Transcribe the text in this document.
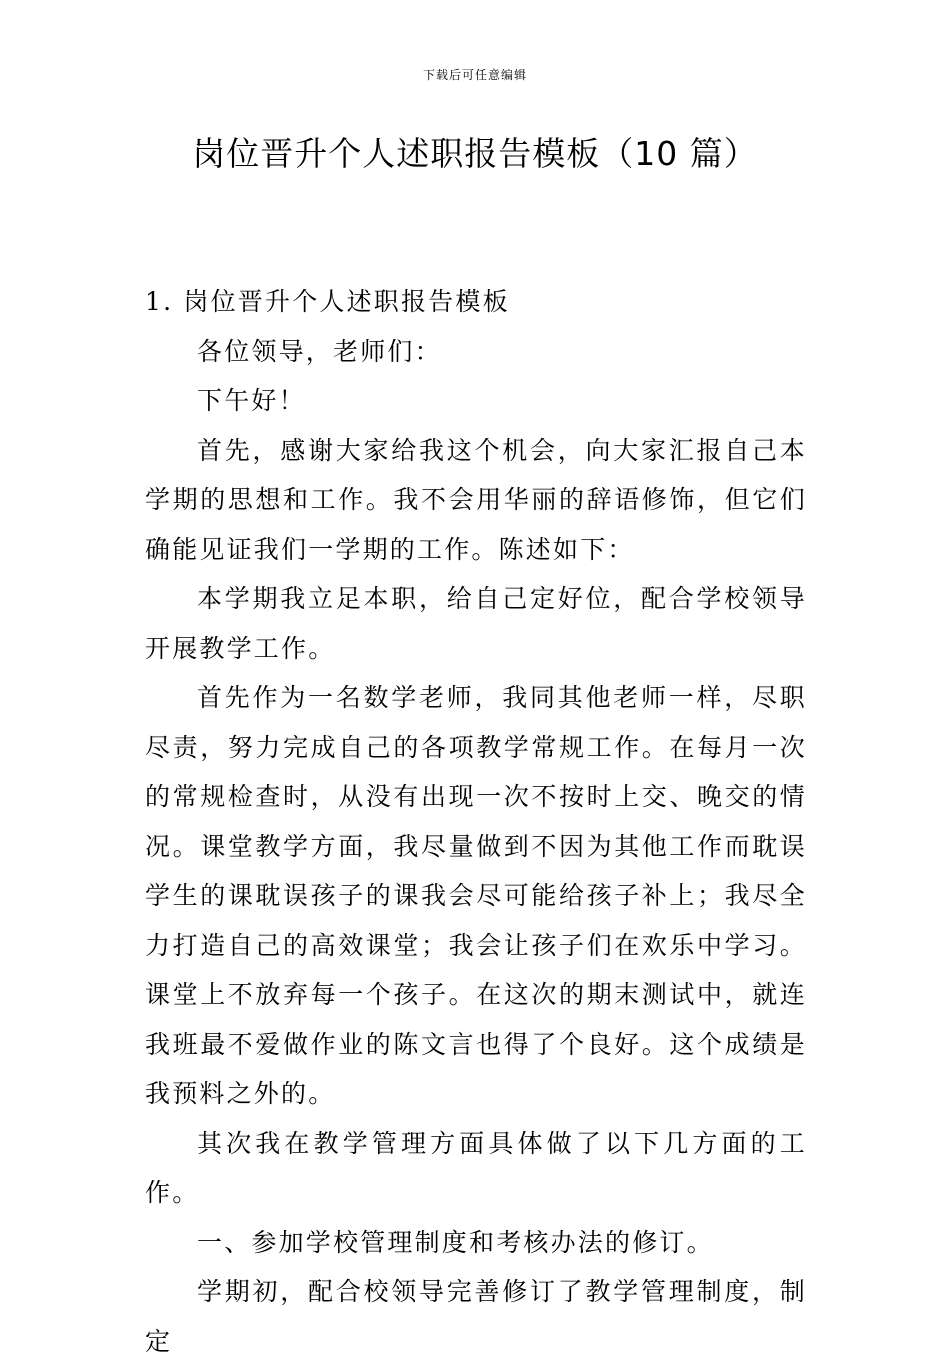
下载后可任意编辑
岗位晋升个人述职报告模板（10 篇）

1. 岗位晋升个人述职报告模板

各位领导，老师们：

下午好！

首先，感谢大家给我这个机会，向大家汇报自己本学期的思想和工作。我不会用华丽的辞语修饰，但它们确能见证我们一学期的工作。陈述如下：

本学期我立足本职，给自己定好位，配合学校领导开展教学工作。

首先作为一名数学老师，我同其他老师一样，尽职尽责，努力完成自己的各项教学常规工作。在每月一次的常规检查时，从没有出现一次不按时上交、晚交的情况。课堂教学方面，我尽量做到不因为其他工作而耽误学生的课耽误孩子的课我会尽可能给孩子补上；我尽全力打造自己的高效课堂；我会让孩子们在欢乐中学习。课堂上不放弃每一个孩子。在这次的期末测试中，就连我班最不爱做作业的陈文言也得了个良好。这个成绩是我预料之外的。

其次我在教学管理方面具体做了以下几方面的工作。

一、参加学校管理制度和考核办法的修订。

学期初，配合校领导完善修订了教学管理制度，制定
